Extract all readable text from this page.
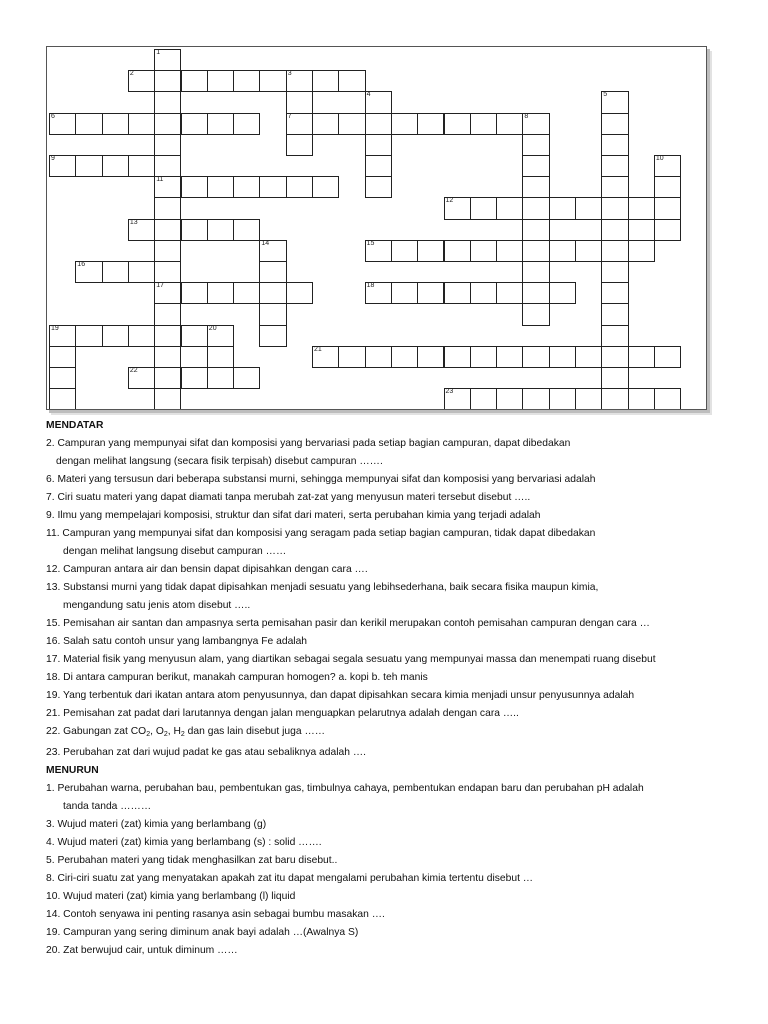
1
11
17
2	3
7
4	5
6	8
9	10
12
13
14	15
16
18
19	20
21
22
23
MENDATAR
2. Campuran yang mempunyai sifat dan komposisi yang bervariasi pada setiap bagian campuran, dapat dibedakan
dengan melihat langsung (secara fisik terpisah) disebut campuran …….
6. Materi yang tersusun dari beberapa substansi murni, sehingga mempunyai sifat dan komposisi yang bervariasi adalah
7. Ciri suatu materi yang dapat diamati tanpa merubah zat-zat yang menyusun materi tersebut disebut …..
9. Ilmu yang mempelajari komposisi, struktur dan sifat dari materi, serta perubahan kimia yang terjadi adalah
11. Campuran yang mempunyai sifat dan komposisi yang seragam pada setiap bagian campuran, tidak dapat dibedakan
dengan melihat langsung disebut campuran ……
12. Campuran antara air dan bensin dapat dipisahkan dengan cara ….
13. Substansi murni yang tidak dapat dipisahkan menjadi sesuatu yang lebihsederhana, baik secara fisika maupun kimia,
mengandung satu jenis atom disebut …..
15. Pemisahan air santan dan ampasnya serta pemisahan pasir dan kerikil merupakan contoh pemisahan campuran dengan cara …
16. Salah satu contoh unsur yang lambangnya Fe adalah
17. Material fisik yang menyusun alam, yang diartikan sebagai segala sesuatu yang mempunyai massa dan menempati ruang disebut
18. Di antara campuran berikut, manakah campuran homogen? a. kopi b. teh manis
19. Yang terbentuk dari ikatan antara atom penyusunnya, dan dapat dipisahkan secara kimia menjadi unsur penyusunnya adalah
21. Pemisahan zat padat dari larutannya dengan jalan menguapkan pelarutnya adalah dengan cara …..
22. Gabungan zat $CO_2$, $O_2$, $H_2$ dan gas lain disebut juga ……
23. Perubahan zat dari wujud padat ke gas atau sebaliknya adalah ….
MENURUN
1. Perubahan warna, perubahan bau, pembentukan gas, timbulnya cahaya, pembentukan endapan baru dan perubahan pH adalah
tanda tanda ………
3. Wujud materi (zat) kimia yang berlambang (g)
4. Wujud materi (zat) kimia yang berlambang (s) : solid …….
5. Perubahan materi yang tidak menghasilkan zat baru disebut..
8. Ciri-ciri suatu zat yang menyatakan apakah zat itu dapat mengalami perubahan kimia tertentu disebut …
10. Wujud materi (zat) kimia yang berlambang (l) liquid
14. Contoh senyawa ini penting rasanya asin sebagai bumbu masakan ….
19. Campuran yang sering diminum anak bayi adalah …(Awalnya S)
20. Zat berwujud cair, untuk diminum ……
